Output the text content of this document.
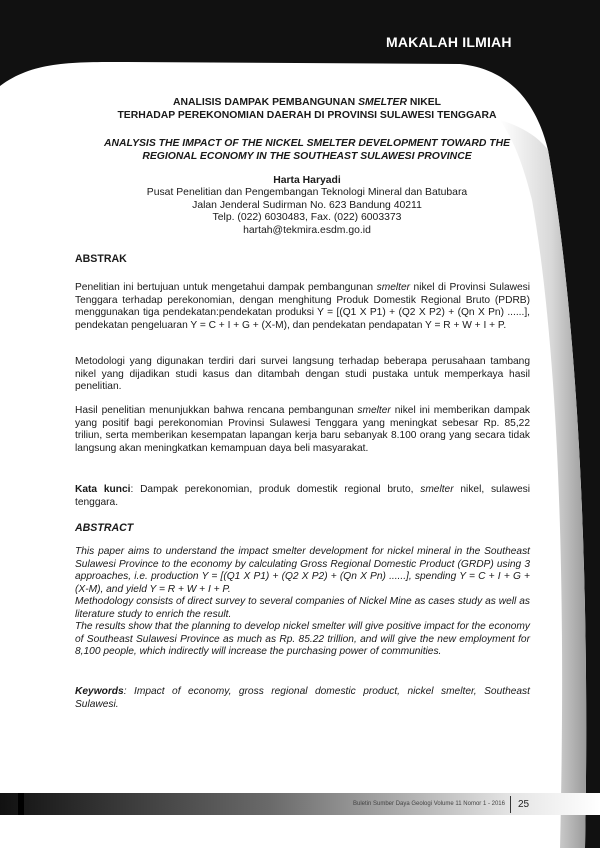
MAKALAH ILMIAH
ANALISIS DAMPAK PEMBANGUNAN SMELTER NIKEL
TERHADAP PEREKONOMIAN DAERAH DI PROVINSI SULAWESI TENGGARA
ANALYSIS THE IMPACT OF THE NICKEL SMELTER DEVELOPMENT TOWARD THE
REGIONAL ECONOMY IN THE SOUTHEAST SULAWESI PROVINCE
Harta Haryadi
Pusat Penelitian dan Pengembangan Teknologi Mineral dan Batubara
Jalan Jenderal Sudirman No. 623 Bandung 40211
Telp. (022) 6030483, Fax. (022) 6003373
hartah@tekmira.esdm.go.id
ABSTRAK
Penelitian ini bertujuan untuk mengetahui dampak pembangunan smelter nikel di Provinsi Sulawesi Tenggara terhadap perekonomian, dengan menghitung Produk Domestik Regional Bruto (PDRB) menggunakan tiga pendekatan:pendekatan produksi Y = [(Q1 X P1) + (Q2 X P2) + (Qn X Pn) ......], pendekatan pengeluaran Y = C + I + G + (X-M), dan pendekatan pendapatan Y = R + W + I + P.
Metodologi yang digunakan terdiri dari survei langsung terhadap beberapa perusahaan tambang nikel yang dijadikan studi kasus dan ditambah dengan studi pustaka untuk memperkaya hasil penelitian.
Hasil penelitian menunjukkan bahwa rencana pembangunan smelter nikel ini memberikan dampak yang positif bagi perekonomian Provinsi Sulawesi Tenggara yang meningkat sebesar Rp. 85,22 triliun, serta memberikan kesempatan lapangan kerja baru sebanyak 8.100 orang yang secara tidak langsung akan meningkatkan kemampuan daya beli masyarakat.
Kata kunci: Dampak perekonomian, produk domestik regional bruto, smelter nikel, sulawesi tenggara.
ABSTRACT
This paper aims to understand the impact smelter development for nickel mineral in the Southeast Sulawesi Province to the economy by calculating Gross Regional Domestic Product (GRDP) using 3 approaches, i.e. production Y = [(Q1 X P1) + (Q2 X P2) + (Qn X Pn) ......], spending Y = C + I + G + (X-M), and yield Y = R + W + I + P.
Methodology consists of direct survey to several companies of Nickel Mine as cases study as well as literature study to enrich the result.
The results show that the planning to develop nickel smelter will give positive impact for the economy of Southeast Sulawesi Province as much as Rp. 85.22 trillion, and will give the new employment for 8,100 people, which indirectly will increase the purchasing power of communities.
Keywords: Impact of economy, gross regional domestic product, nickel smelter, Southeast Sulawesi.
Buletin Sumber Daya Geologi Volume 11 Nomor 1 - 2016 25
